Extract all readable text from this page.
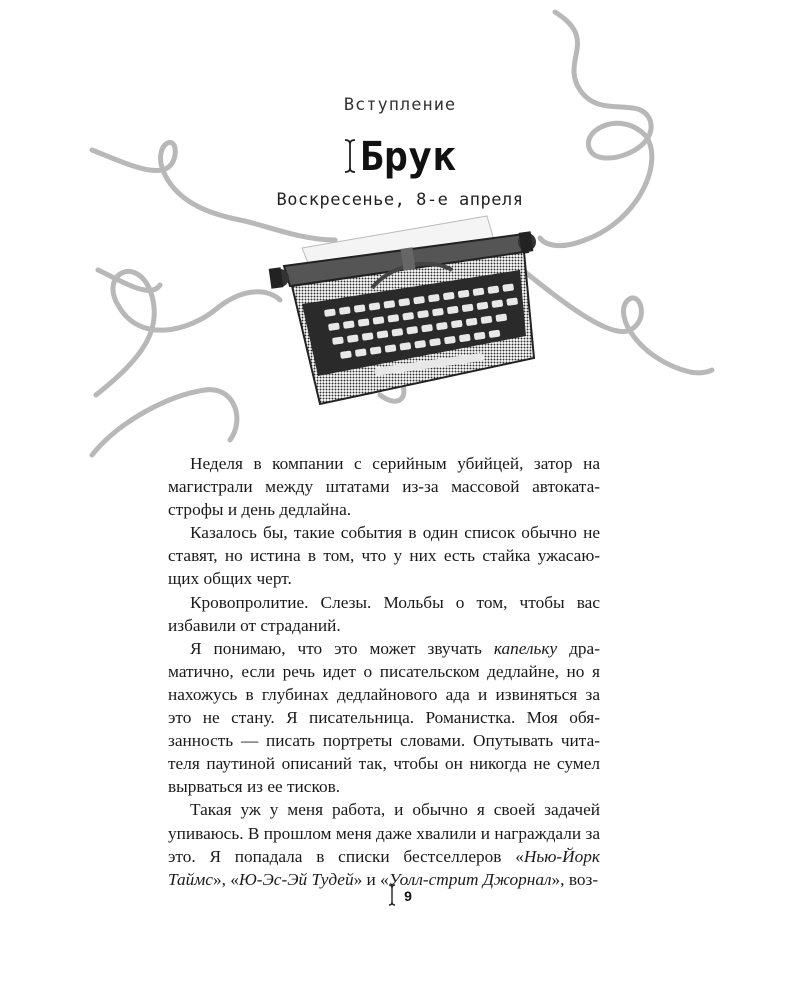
Вступление
Брук
Воскресенье, 8-е апреля

Неделя в компании с серийным убийцей, затор на магистрали между штатами из-за массовой автоката-строфы и день дедлайна.

Казалось бы, такие события в один список обычно не ставят, но истина в том, что у них есть стайка ужасаю-щих общих черт.

Кровопролитие. Слезы. Мольбы о том, чтобы вас избавили от страданий.

Я понимаю, что это может звучать капельку дра-матично, если речь идет о писательском дедлайне, но я нахожусь в глубинах дедлайнового ада и извиняться за это не стану. Я писательница. Романистка. Моя обя-занность — писать портреты словами. Опутывать чита-теля паутиной описаний так, чтобы он никогда не сумел вырваться из ее тисков.

Такая уж у меня работа, и обычно я своей задачей упиваюсь. В прошлом меня даже хвалили и награждали за это. Я попадала в списки бестселлеров «Нью-Йорк Таймс», «Ю-Эс-Эй Тудей» и «Уолл-стрит Джорнал», воз-

9
